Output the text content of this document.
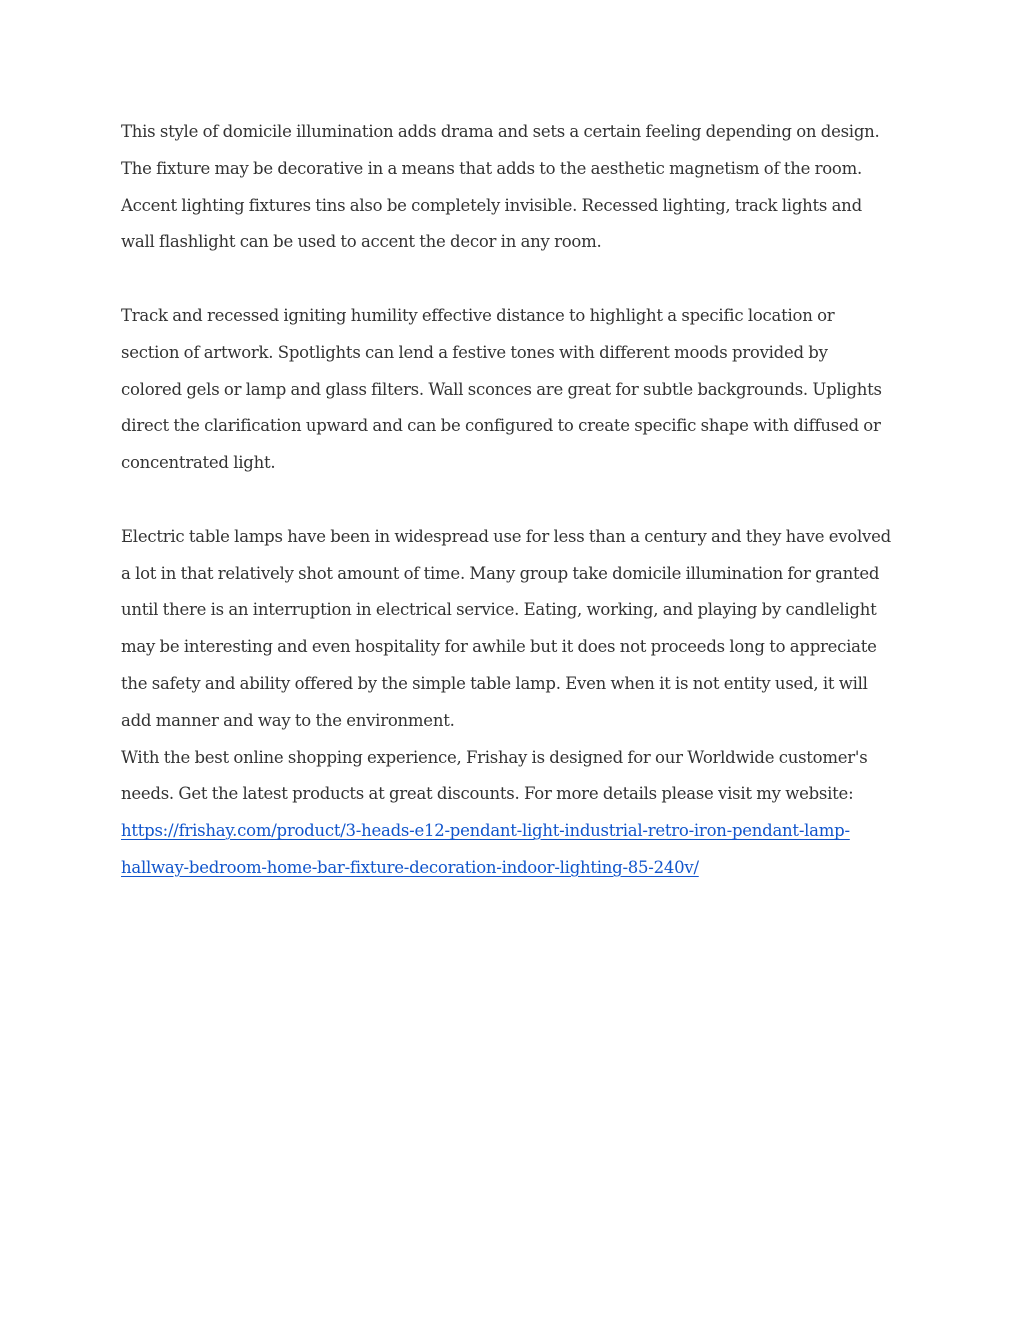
This style of domicile illumination adds drama and sets a certain feeling depending on design.
The fixture may be decorative in a means that adds to the aesthetic magnetism of the room.
Accent lighting fixtures tins also be completely invisible. Recessed lighting, track lights and
wall flashlight can be used to accent the decor in any room.
Track and recessed igniting humility effective distance to highlight a specific location or
section of artwork. Spotlights can lend a festive tones with different moods provided by
colored gels or lamp and glass filters. Wall sconces are great for subtle backgrounds. Uplights
direct the clarification upward and can be configured to create specific shape with diffused or
concentrated light.
Electric table lamps have been in widespread use for less than a century and they have evolved
a lot in that relatively shot amount of time. Many group take domicile illumination for granted
until there is an interruption in electrical service. Eating, working, and playing by candlelight
may be interesting and even hospitality for awhile but it does not proceeds long to appreciate
the safety and ability offered by the simple table lamp. Even when it is not entity used, it will
add manner and way to the environment.
With the best online shopping experience, Frishay is designed for our Worldwide customer's
needs. Get the latest products at great discounts. For more details please visit my website:
https://frishay.com/product/3-heads-e12-pendant-light-industrial-retro-iron-pendant-lamp-
hallway-bedroom-home-bar-fixture-decoration-indoor-lighting-85-240v/
